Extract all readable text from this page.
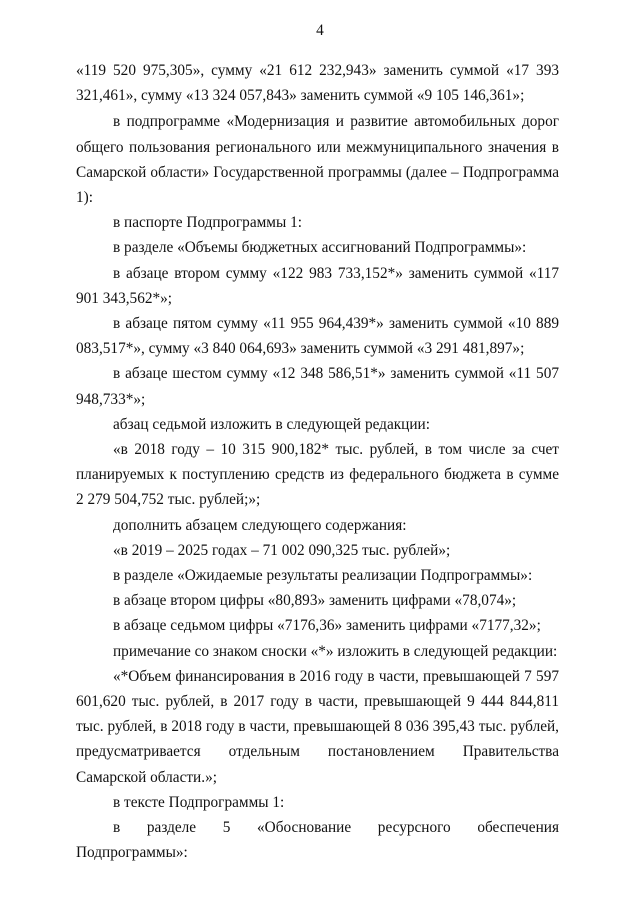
4

«119 520 975,305», сумму «21 612 232,943» заменить суммой «17 393 321,461», сумму «13 324 057,843» заменить суммой «9 105 146,361»;

в подпрограмме «Модернизация и развитие автомобильных дорог общего пользования регионального или межмуниципального значения в Самарской области» Государственной программы (далее – Подпрограмма 1):

в паспорте Подпрограммы 1:

в разделе «Объемы бюджетных ассигнований Подпрограммы»:

в абзаце втором сумму «122 983 733,152*» заменить суммой «117 901 343,562*»;

в абзаце пятом сумму «11 955 964,439*» заменить суммой «10 889 083,517*», сумму «3 840 064,693» заменить суммой «3 291 481,897»;

в абзаце шестом сумму «12 348 586,51*» заменить суммой «11 507 948,733*»;

абзац седьмой изложить в следующей редакции:

«в 2018 году – 10 315 900,182* тыс. рублей, в том числе за счет планируемых к поступлению средств из федерального бюджета в сумме 2 279 504,752 тыс. рублей;»;

дополнить абзацем следующего содержания:

«в 2019 – 2025 годах – 71 002 090,325 тыс. рублей»;

в разделе «Ожидаемые результаты реализации Подпрограммы»:

в абзаце втором цифры «80,893» заменить цифрами «78,074»;

в абзаце седьмом цифры «7176,36» заменить цифрами «7177,32»;

примечание со знаком сноски «*» изложить в следующей редакции:

«*Объем финансирования в 2016 году в части, превышающей 7 597 601,620 тыс. рублей, в 2017 году в части, превышающей 9 444 844,811 тыс. рублей, в 2018 году в части, превышающей 8 036 395,43 тыс. рублей, предусматривается отдельным постановлением Правительства Самарской области.»;

в тексте Подпрограммы 1:

в разделе 5 «Обоснование ресурсного обеспечения Подпрограммы»:
